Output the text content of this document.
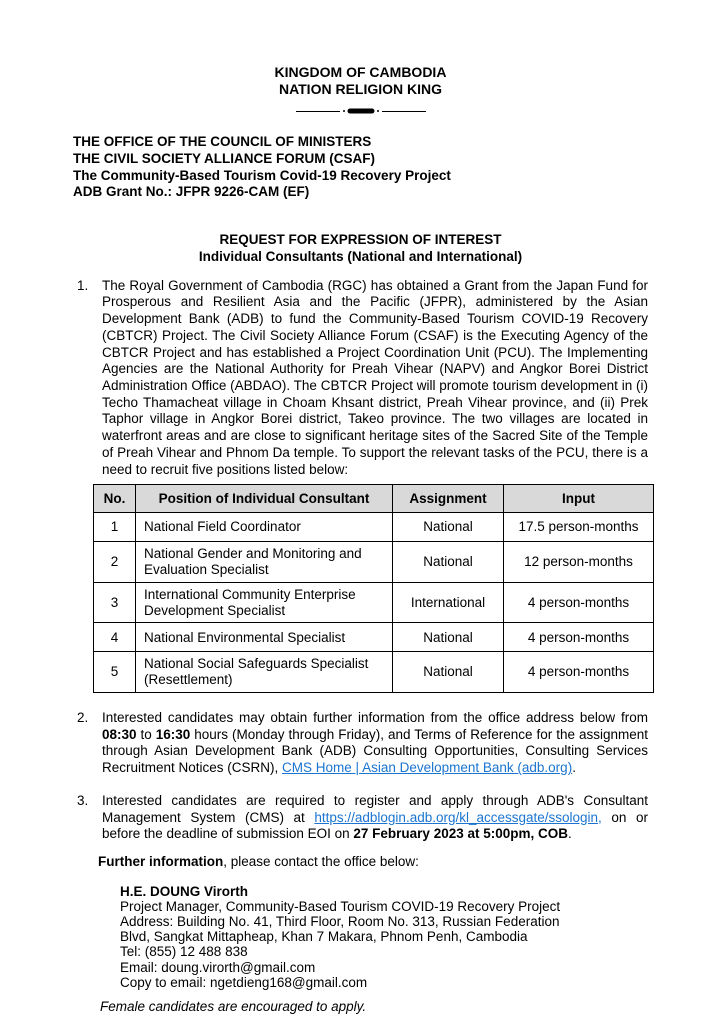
KINGDOM OF CAMBODIA
NATION RELIGION KING
THE OFFICE OF THE COUNCIL OF MINISTERS
THE CIVIL SOCIETY ALLIANCE FORUM (CSAF)
The Community-Based Tourism Covid-19 Recovery Project
ADB Grant No.: JFPR 9226-CAM (EF)
REQUEST FOR EXPRESSION OF INTEREST
Individual Consultants (National and International)
1.	The Royal Government of Cambodia (RGC) has obtained a Grant from the Japan Fund for Prosperous and Resilient Asia and the Pacific (JFPR), administered by the Asian Development Bank (ADB) to fund the Community-Based Tourism COVID-19 Recovery (CBTCR) Project. The Civil Society Alliance Forum (CSAF) is the Executing Agency of the CBTCR Project and has established a Project Coordination Unit (PCU). The Implementing Agencies are the National Authority for Preah Vihear (NAPV) and Angkor Borei District Administration Office (ABDAO). The CBTCR Project will promote tourism development in (i) Techo Thamacheat village in Choam Khsant district, Preah Vihear province, and (ii) Prek Taphor village in Angkor Borei district, Takeo province. The two villages are located in waterfront areas and are close to significant heritage sites of the Sacred Site of the Temple of Preah Vihear and Phnom Da temple. To support the relevant tasks of the PCU, there is a need to recruit five positions listed below:
No.	Position of Individual Consultant	Assignment	Input
1	National Field Coordinator	National	17.5 person-months
2	National Gender and Monitoring and Evaluation Specialist	National	12 person-months
3	International Community Enterprise Development Specialist	International	4 person-months
4	National Environmental Specialist	National	4 person-months
5	National Social Safeguards Specialist (Resettlement)	National	4 person-months
2.	Interested candidates may obtain further information from the office address below from 08:30 to 16:30 hours (Monday through Friday), and Terms of Reference for the assignment through Asian Development Bank (ADB) Consulting Opportunities, Consulting Services Recruitment Notices (CSRN), CMS Home | Asian Development Bank (adb.org).
3.	Interested candidates are required to register and apply through ADB's Consultant Management System (CMS) at https://adblogin.adb.org/kl_accessgate/ssologin, on or before the deadline of submission EOI on 27 February 2023 at 5:00pm, COB.
Further information, please contact the office below:
H.E. DOUNG Virorth
Project Manager, Community-Based Tourism COVID-19 Recovery Project
Address: Building No. 41, Third Floor, Room No. 313, Russian Federation
Blvd, Sangkat Mittapheap, Khan 7 Makara, Phnom Penh, Cambodia
Tel: (855) 12 488 838
Email: doung.virorth@gmail.com
Copy to email: ngetdieng168@gmail.com
Female candidates are encouraged to apply.
